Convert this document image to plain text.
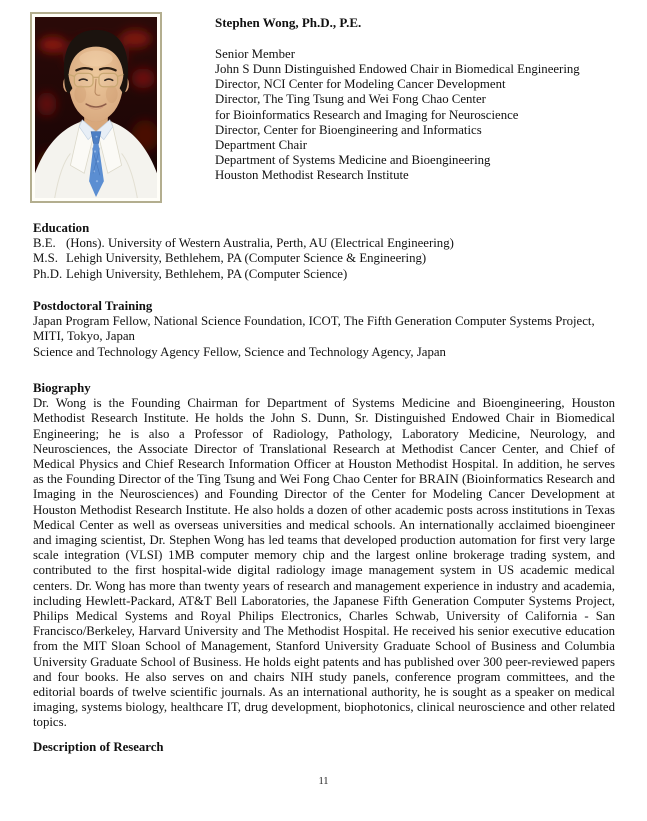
Stephen Wong, Ph.D., P.E.
Senior Member
John S Dunn Distinguished Endowed Chair in Biomedical Engineering
Director, NCI Center for Modeling Cancer Development
Director, The Ting Tsung and Wei Fong Chao Center
for Bioinformatics Research and Imaging for Neuroscience
Director, Center for Bioengineering and Informatics
Department Chair
Department of Systems Medicine and Bioengineering
Houston Methodist Research Institute
Education
B.E. (Hons). University of Western Australia, Perth, AU (Electrical Engineering)
M.S. Lehigh University, Bethlehem, PA (Computer Science & Engineering)
Ph.D. Lehigh University, Bethlehem, PA (Computer Science)
Postdoctoral Training
Japan Program Fellow, National Science Foundation, ICOT, The Fifth Generation Computer Systems Project, MITI, Tokyo, Japan
Science and Technology Agency Fellow, Science and Technology Agency, Japan
Biography

Dr. Wong is the Founding Chairman for Department of Systems Medicine and Bioengineering, Houston Methodist Research Institute. He holds the John S. Dunn, Sr. Distinguished Endowed Chair in Biomedical Engineering; he is also a Professor of Radiology, Pathology, Laboratory Medicine, Neurology, and Neurosciences, the Associate Director of Translational Research at Methodist Cancer Center, and Chief of Medical Physics and Chief Research Information Officer at Houston Methodist Hospital. In addition, he serves as the Founding Director of the Ting Tsung and Wei Fong Chao Center for BRAIN (Bioinformatics Research and Imaging in the Neurosciences) and Founding Director of the Center for Modeling Cancer Development at Houston Methodist Research Institute. He also holds a dozen of other academic posts across institutions in Texas Medical Center as well as overseas universities and medical schools. An internationally acclaimed bioengineer and imaging scientist, Dr. Stephen Wong has led teams that developed production automation for first very large scale integration (VLSI) 1MB computer memory chip and the largest online brokerage trading system, and contributed to the first hospital-wide digital radiology image management system in US academic medical centers. Dr. Wong has more than twenty years of research and management experience in industry and academia, including Hewlett-Packard, AT&T Bell Laboratories, the Japanese Fifth Generation Computer Systems Project, Philips Medical Systems and Royal Philips Electronics, Charles Schwab, University of California - San Francisco/Berkeley, Harvard University and The Methodist Hospital. He received his senior executive education from the MIT Sloan School of Management, Stanford University Graduate School of Business and Columbia University Graduate School of Business. He holds eight patents and has published over 300 peer-reviewed papers and four books. He also serves on and chairs NIH study panels, conference program committees, and the editorial boards of twelve scientific journals. As an international authority, he is sought as a speaker on medical imaging, systems biology, healthcare IT, drug development, biophotonics, clinical neuroscience and other related topics.

Description of Research
11
